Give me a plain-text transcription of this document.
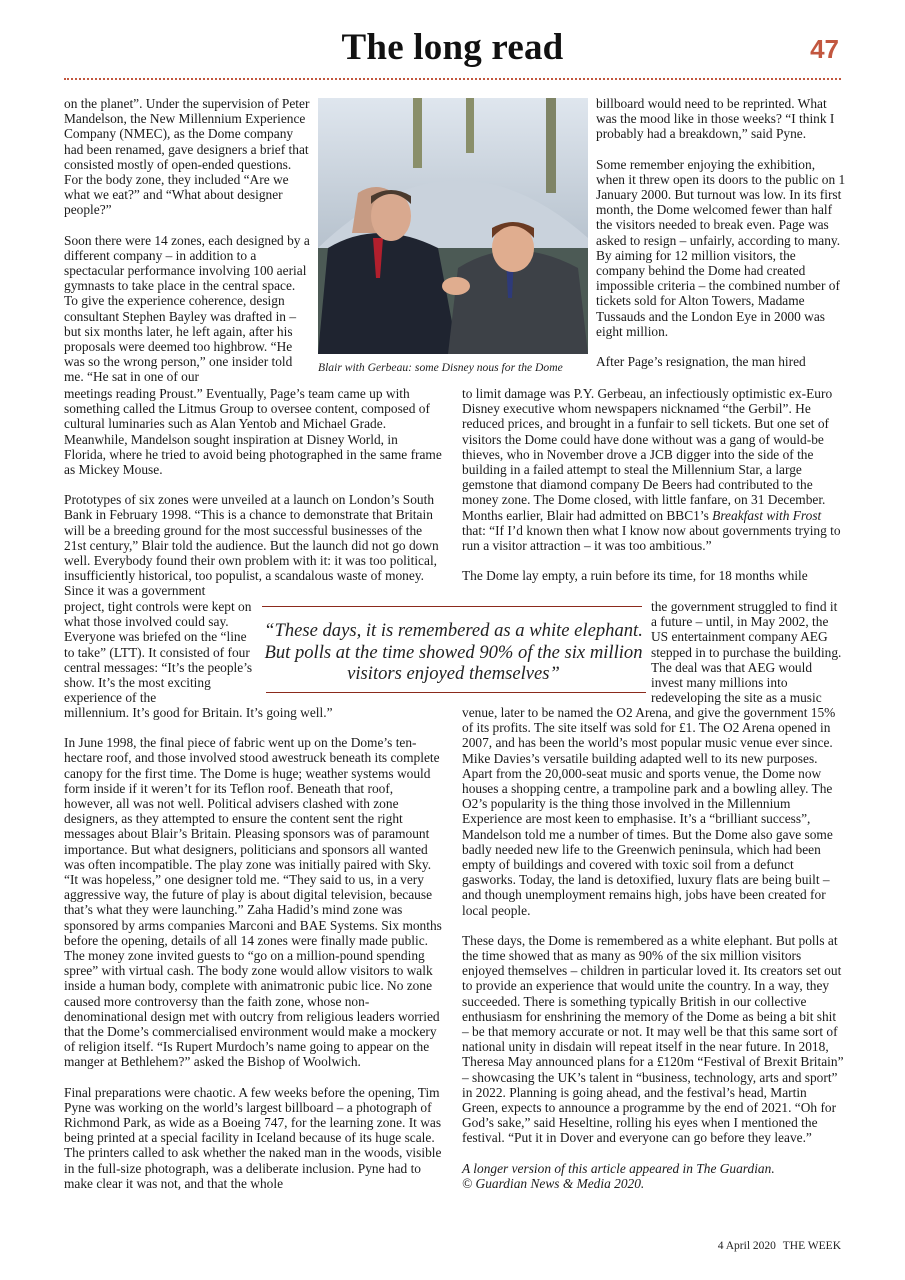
The long read	47

on the planet”. Under the supervision of Peter Mandelson, the New Millennium Experience Company (NMEC), as the Dome company had been renamed, gave designers a brief that consisted mostly of open-ended questions. For the body zone, they included “Are we what we eat?” and “What about designer people?”

Soon there were 14 zones, each designed by a different company – in addition to a spectacular performance involving 100 aerial gymnasts to take place in the central space. To give the experience coherence, design consultant Stephen Bayley was drafted in – but six months later, he left again, after his proposals were deemed too highbrow. “He was so the wrong person,” one insider told me. “He sat in one of our

Blair with Gerbeau: some Disney nous for the Dome

billboard would need to be reprinted. What was the mood like in those weeks? “I think I probably had a breakdown,” said Pyne.

Some remember enjoying the exhibition, when it threw open its doors to the public on 1 January 2000. But turnout was low. In its first month, the Dome welcomed fewer than half the visitors needed to break even. Page was asked to resign – unfairly, according to many. By aiming for 12 million visitors, the company behind the Dome had created impossible criteria – the combined number of tickets sold for Alton Towers, Madame Tussauds and the London Eye in 2000 was eight million.

After Page’s resignation, the man hired

meetings reading Proust.” Eventually, Page’s team came up with something called the Litmus Group to oversee content, composed of cultural luminaries such as Alan Yentob and Michael Grade. Meanwhile, Mandelson sought inspiration at Disney World, in Florida, where he tried to avoid being photographed in the same frame as Mickey Mouse.

Prototypes of six zones were unveiled at a launch on London’s South Bank in February 1998. “This is a chance to demonstrate that Britain will be a breeding ground for the most successful businesses of the 21st century,” Blair told the audience. But the launch did not go down well. Everybody found their own problem with it: it was too political, insufficiently historical, too populist, a scandalous waste of money. Since it was a government

to limit damage was P.Y. Gerbeau, an infectiously optimistic ex-Euro Disney executive whom newspapers nicknamed “the Gerbil”. He reduced prices, and brought in a funfair to sell tickets. But one set of visitors the Dome could have done without was a gang of would-be thieves, who in November drove a JCB digger into the side of the building in a failed attempt to steal the Millennium Star, a large gemstone that diamond company De Beers had contributed to the money zone. The Dome closed, with little fanfare, on 31 December. Months earlier, Blair had admitted on BBC1’s Breakfast with Frost that: “If I’d known then what I know now about governments trying to run a visitor attraction – it was too ambitious.”

The Dome lay empty, a ruin before its time, for 18 months while

project, tight controls were kept on what those involved could say. Everyone was briefed on the “line to take” (LTT). It consisted of four central messages: “It’s the people’s show. It’s the most exciting experience of the

“These days, it is remembered as a white elephant. But polls at the time showed 90% of the six million visitors enjoyed themselves”

the government struggled to find it a future – until, in May 2002, the US entertainment company AEG stepped in to purchase the building. The deal was that AEG would invest many millions into redeveloping the site as a music

millennium. It’s good for Britain. It’s going well.”

In June 1998, the final piece of fabric went up on the Dome’s ten-hectare roof, and those involved stood awestruck beneath its complete canopy for the first time. The Dome is huge; weather systems would form inside if it weren’t for its Teflon roof. Beneath that roof, however, all was not well. Political advisers clashed with zone designers, as they attempted to ensure the content sent the right messages about Blair’s Britain. Pleasing sponsors was of paramount importance. But what designers, politicians and sponsors all wanted was often incompatible. The play zone was initially paired with Sky. “It was hopeless,” one designer told me. “They said to us, in a very aggressive way, the future of play is about digital television, because that’s what they were launching.” Zaha Hadid’s mind zone was sponsored by arms companies Marconi and BAE Systems. Six months before the opening, details of all 14 zones were finally made public. The money zone invited guests to “go on a million-pound spending spree” with virtual cash. The body zone would allow visitors to walk inside a human body, complete with animatronic pubic lice. No zone caused more controversy than the faith zone, whose non-denominational design met with outcry from religious leaders worried that the Dome’s commercialised environment would make a mockery of religion itself. “Is Rupert Murdoch’s name going to appear on the manger at Bethlehem?” asked the Bishop of Woolwich.

Final preparations were chaotic. A few weeks before the opening, Tim Pyne was working on the world’s largest billboard – a photograph of Richmond Park, as wide as a Boeing 747, for the learning zone. It was being printed at a special facility in Iceland because of its huge scale. The printers called to ask whether the naked man in the woods, visible in the full-size photograph, was a deliberate inclusion. Pyne had to make clear it was not, and that the whole

venue, later to be named the O2 Arena, and give the government 15% of its profits. The site itself was sold for £1. The O2 Arena opened in 2007, and has been the world’s most popular music venue ever since. Mike Davies’s versatile building adapted well to its new purposes. Apart from the 20,000-seat music and sports venue, the Dome now houses a shopping centre, a trampoline park and a bowling alley. The O2’s popularity is the thing those involved in the Millennium Experience are most keen to emphasise. It’s a “brilliant success”, Mandelson told me a number of times. But the Dome also gave some badly needed new life to the Greenwich peninsula, which had been empty of buildings and covered with toxic soil from a defunct gasworks. Today, the land is detoxified, luxury flats are being built – and though unemployment remains high, jobs have been created for local people.

These days, the Dome is remembered as a white elephant. But polls at the time showed that as many as 90% of the six million visitors enjoyed themselves – children in particular loved it. Its creators set out to provide an experience that would unite the country. In a way, they succeeded. There is something typically British in our collective enthusiasm for enshrining the memory of the Dome as being a bit shit – be that memory accurate or not. It may well be that this same sort of national unity in disdain will repeat itself in the near future. In 2018, Theresa May announced plans for a £120m “Festival of Brexit Britain” – showcasing the UK’s talent in “business, technology, arts and sport” in 2022. Planning is going ahead, and the festival’s head, Martin Green, expects to announce a programme by the end of 2021. “Oh for God’s sake,” said Heseltine, rolling his eyes when I mentioned the festival. “Put it in Dover and everyone can go before they leave.”

A longer version of this article appeared in The Guardian.
© Guardian News & Media 2020.

4 April 2020 THE WEEK
